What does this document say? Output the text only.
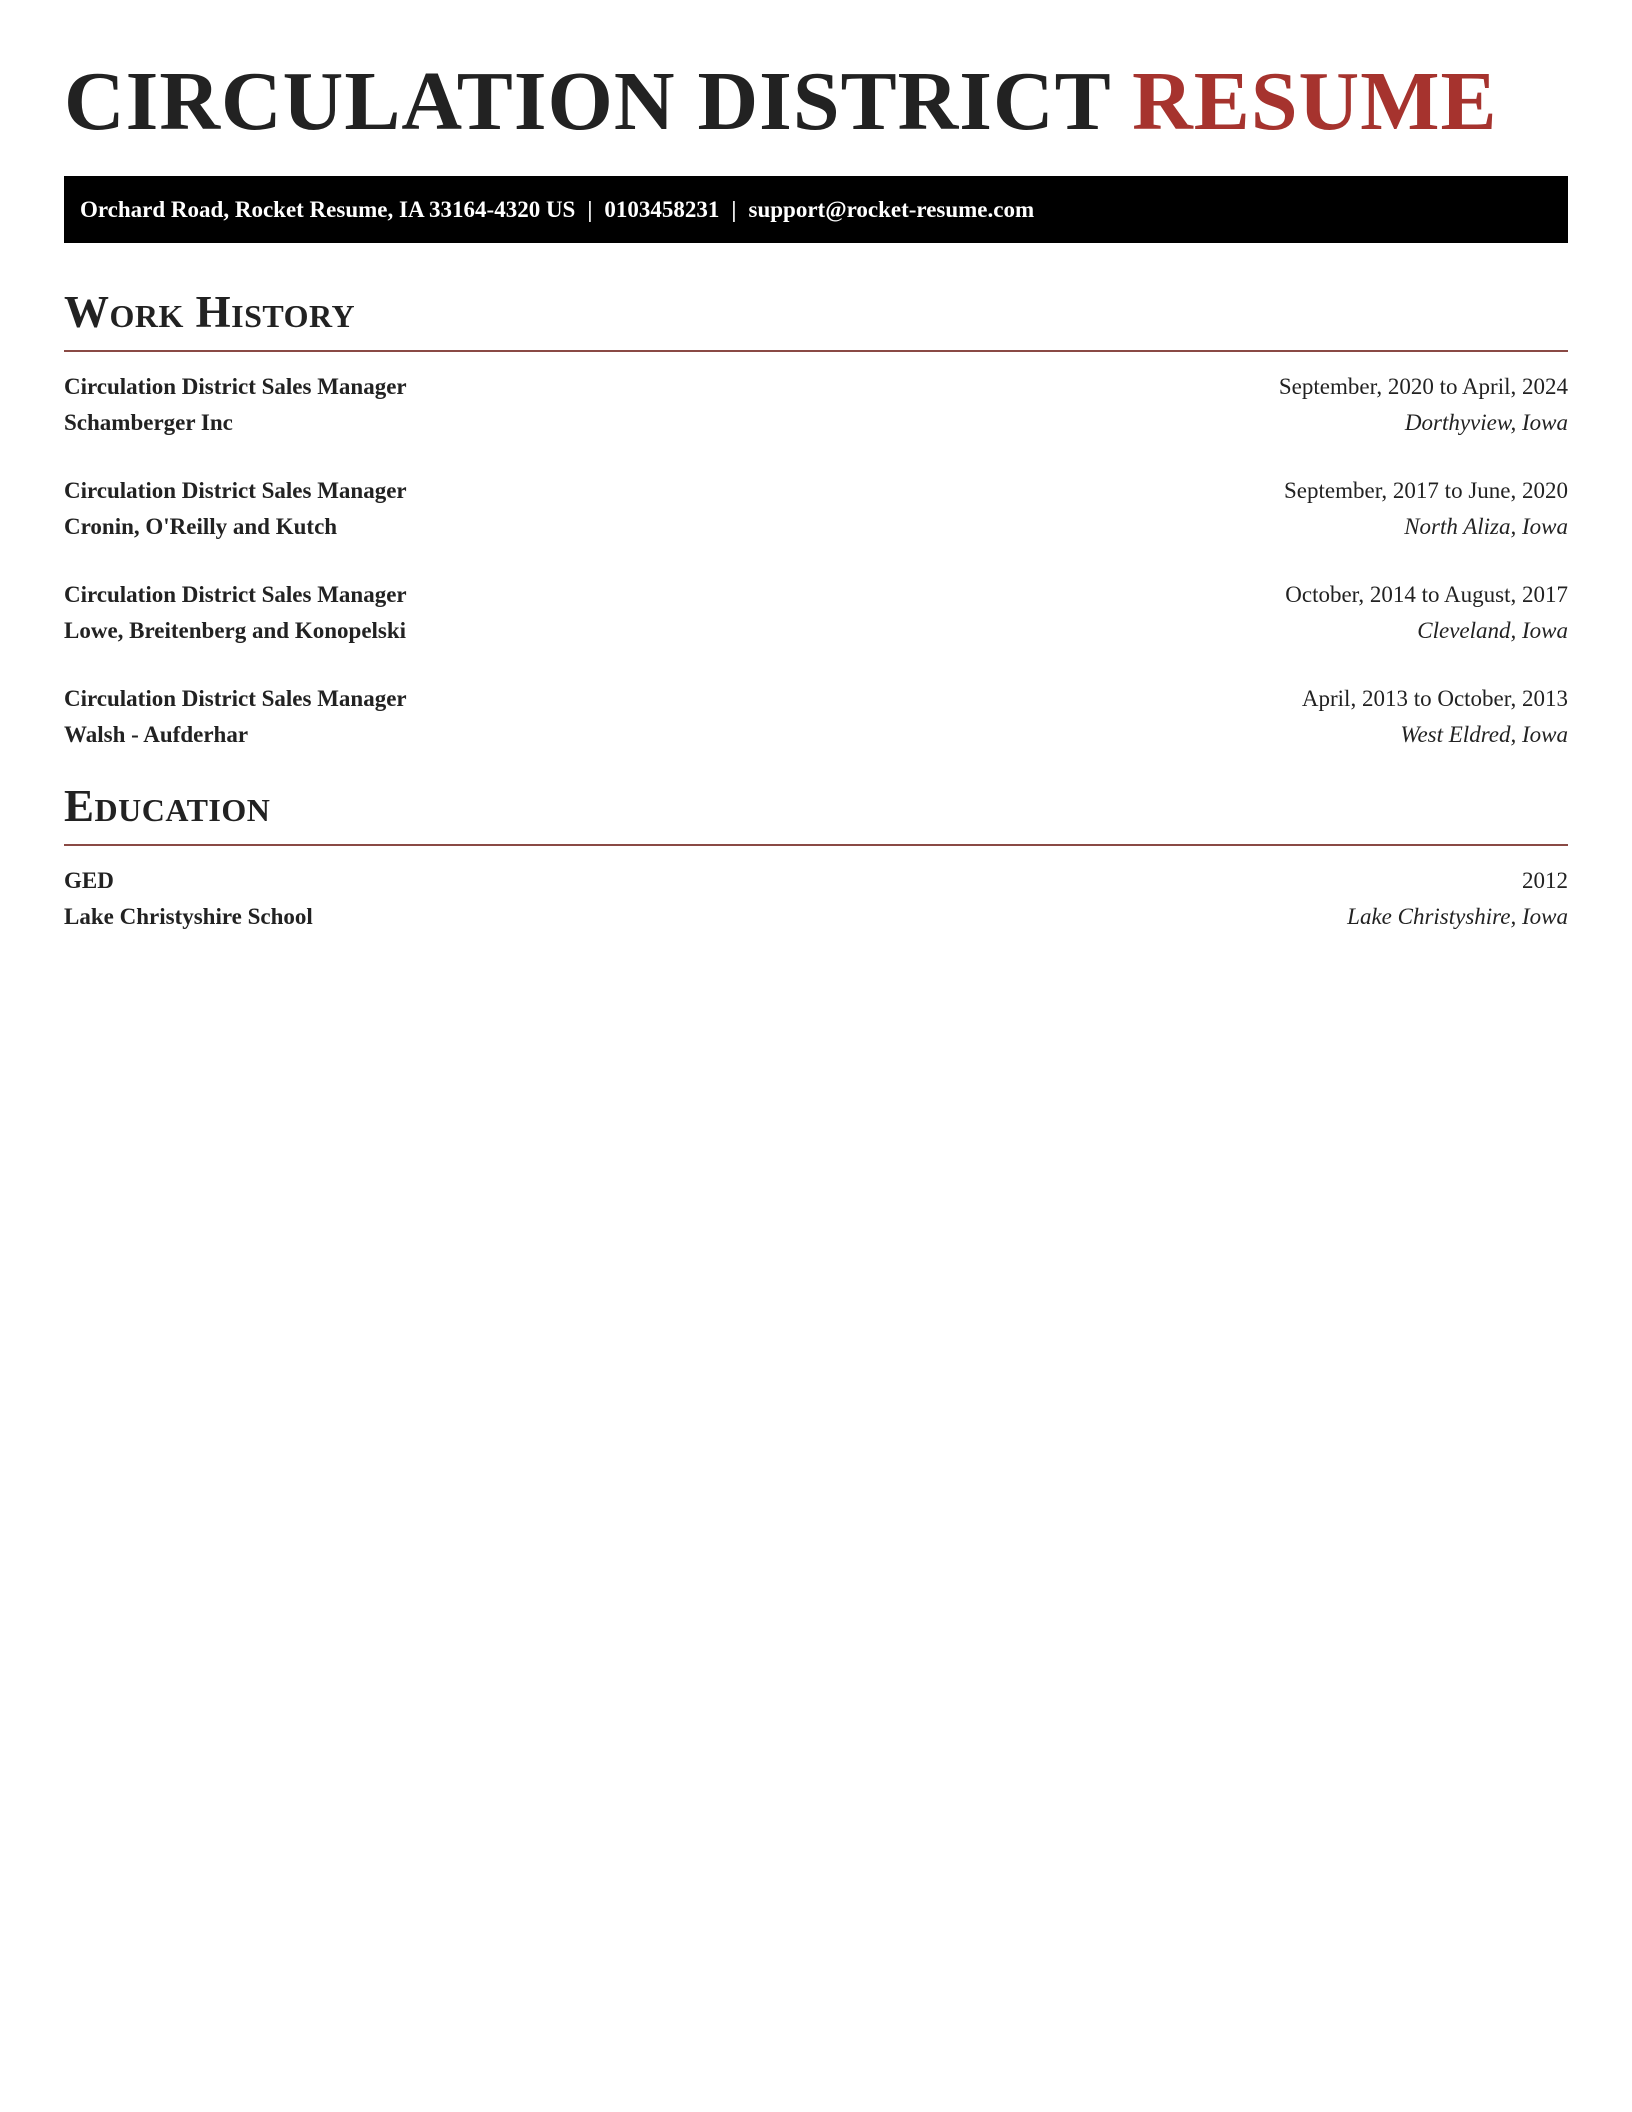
CIRCULATION DISTRICT RESUME
Orchard Road, Rocket Resume, IA 33164-4320 US | 0103458231 | support@rocket-resume.com
Work History
Circulation District Sales Manager
Schamberger Inc
September, 2020 to April, 2024
Dorthyview, Iowa
Circulation District Sales Manager
Cronin, O'Reilly and Kutch
September, 2017 to June, 2020
North Aliza, Iowa
Circulation District Sales Manager
Lowe, Breitenberg and Konopelski
October, 2014 to August, 2017
Cleveland, Iowa
Circulation District Sales Manager
Walsh - Aufderhar
April, 2013 to October, 2013
West Eldred, Iowa
Education
GED
Lake Christyshire School
2012
Lake Christyshire, Iowa
